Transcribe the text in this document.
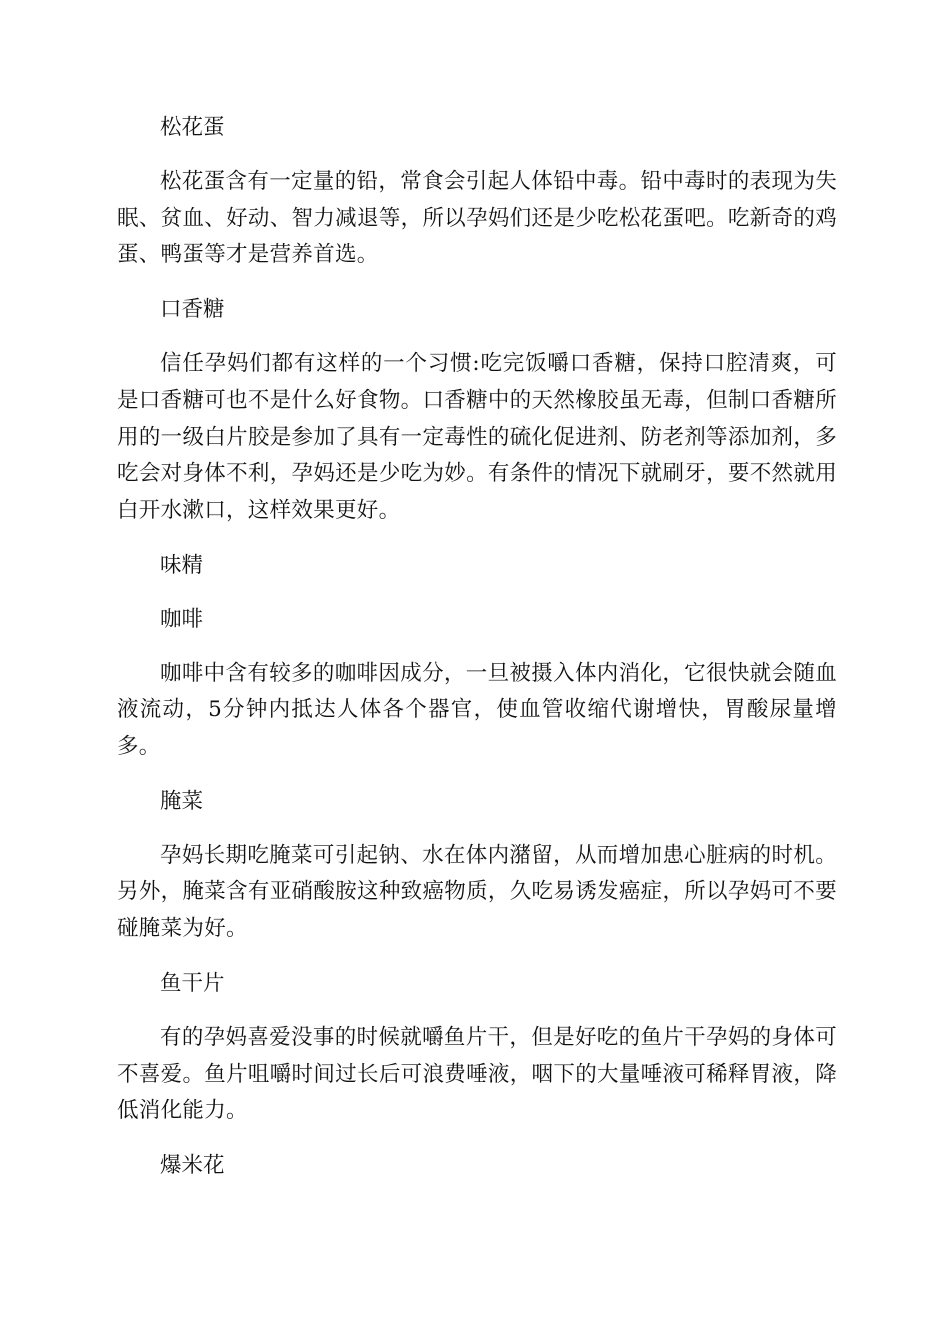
松花蛋

松花蛋含有一定量的铅，常食会引起人体铅中毒。铅中毒时的表现为失眠、贫血、好动、智力减退等，所以孕妈们还是少吃松花蛋吧。吃新奇的鸡蛋、鸭蛋等才是营养首选。

口香糖

信任孕妈们都有这样的一个习惯:吃完饭嚼口香糖，保持口腔清爽，可是口香糖可也不是什么好食物。口香糖中的天然橡胶虽无毒，但制口香糖所用的一级白片胶是参加了具有一定毒性的硫化促进剂、防老剂等添加剂，多吃会对身体不利，孕妈还是少吃为妙。有条件的情况下就刷牙，要不然就用白开水漱口，这样效果更好。

味精

咖啡

咖啡中含有较多的咖啡因成分，一旦被摄入体内消化，它很快就会随血液流动，5分钟内抵达人体各个器官，使血管收缩代谢增快，胃酸尿量增多。

腌菜

孕妈长期吃腌菜可引起钠、水在体内潴留，从而增加患心脏病的时机。另外，腌菜含有亚硝酸胺这种致癌物质，久吃易诱发癌症，所以孕妈可不要碰腌菜为好。

鱼干片

有的孕妈喜爱没事的时候就嚼鱼片干，但是好吃的鱼片干孕妈的身体可不喜爱。鱼片咀嚼时间过长后可浪费唾液，咽下的大量唾液可稀释胃液，降低消化能力。

爆米花
